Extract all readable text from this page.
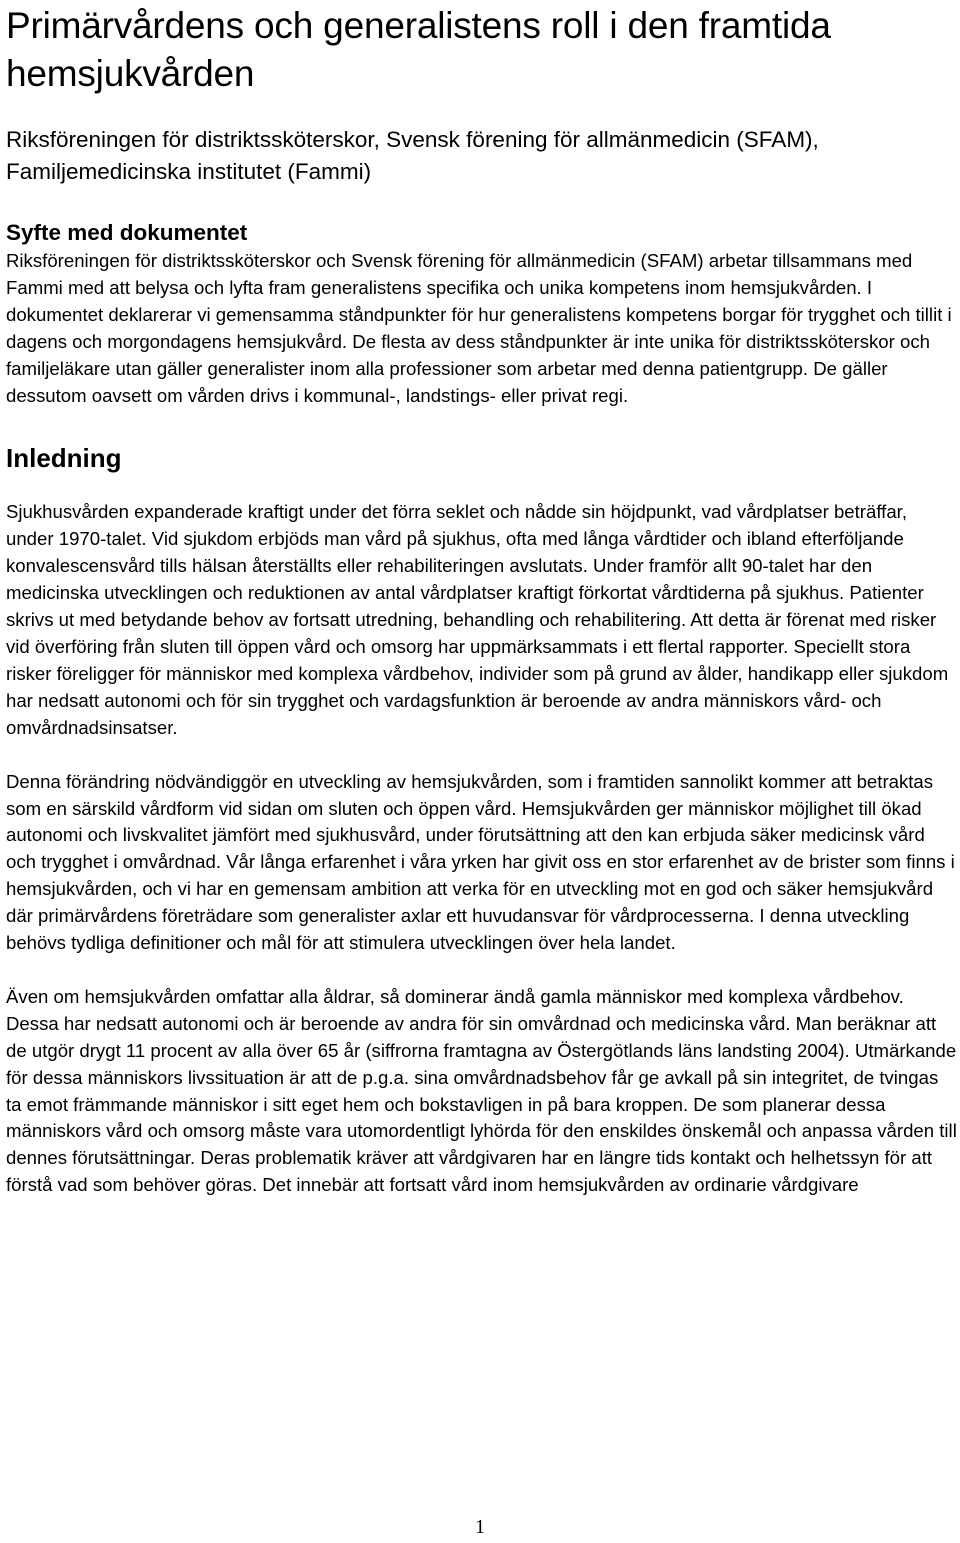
Primärvårdens och generalistens roll i den framtida hemsjukvården

Riksföreningen för distriktssköterskor, Svensk förening för allmänmedicin (SFAM), Familjemedicinska institutet (Fammi)

Syfte med dokumentet

Riksföreningen för distriktssköterskor och Svensk förening för allmänmedicin (SFAM) arbetar tillsammans med Fammi med att belysa och lyfta fram generalistens specifika och unika kompetens inom hemsjukvården. I dokumentet deklarerar vi gemensamma ståndpunkter för hur generalistens kompetens borgar för trygghet och tillit i dagens och morgondagens hemsjukvård. De flesta av dess ståndpunkter är inte unika för distriktssköterskor och familjeläkare utan gäller generalister inom alla professioner som arbetar med denna patientgrupp. De gäller dessutom oavsett om vården drivs i kommunal-, landstings- eller privat regi.

Inledning

Sjukhusvården expanderade kraftigt under det förra seklet och nådde sin höjdpunkt, vad vårdplatser beträffar, under 1970-talet. Vid sjukdom erbjöds man vård på sjukhus, ofta med långa vårdtider och ibland efterföljande konvalescensvård tills hälsan återställts eller rehabiliteringen avslutats. Under framför allt 90-talet har den medicinska utvecklingen och reduktionen av antal vårdplatser kraftigt förkortat vårdtiderna på sjukhus. Patienter skrivs ut med betydande behov av fortsatt utredning, behandling och rehabilitering. Att detta är förenat med risker vid överföring från sluten till öppen vård och omsorg har uppmärksammats i ett flertal rapporter. Speciellt stora risker föreligger för människor med komplexa vårdbehov, individer som på grund av ålder, handikapp eller sjukdom har nedsatt autonomi och för sin trygghet och vardagsfunktion är beroende av andra människors vård- och omvårdnadsinsatser.

Denna förändring nödvändiggör en utveckling av hemsjukvården, som i framtiden sannolikt kommer att betraktas som en särskild vårdform vid sidan om sluten och öppen vård. Hemsjukvården ger människor möjlighet till ökad autonomi och livskvalitet jämfört med sjukhusvård, under förutsättning att den kan erbjuda säker medicinsk vård och trygghet i omvårdnad. Vår långa erfarenhet i våra yrken har givit oss en stor erfarenhet av de brister som finns i hemsjukvården, och vi har en gemensam ambition att verka för en utveckling mot en god och säker hemsjukvård där primärvårdens företrädare som generalister axlar ett huvudansvar för vårdprocesserna. I denna utveckling behövs tydliga definitioner och mål för att stimulera utvecklingen över hela landet.

Även om hemsjukvården omfattar alla åldrar, så dominerar ändå gamla människor med komplexa vårdbehov. Dessa har nedsatt autonomi och är beroende av andra för sin omvårdnad och medicinska vård. Man beräknar att de utgör drygt 11 procent av alla över 65 år (siffrorna framtagna av Östergötlands läns landsting 2004). Utmärkande för dessa människors livssituation är att de p.g.a. sina omvårdnadsbehov får ge avkall på sin integritet, de tvingas ta emot främmande människor i sitt eget hem och bokstavligen in på bara kroppen. De som planerar dessa människors vård och omsorg måste vara utomordentligt lyhörda för den enskildes önskemål och anpassa vården till dennes förutsättningar. Deras problematik kräver att vårdgivaren har en längre tids kontakt och helhetssyn för att förstå vad som behöver göras. Det innebär att fortsatt vård inom hemsjukvården av ordinarie vårdgivare

1
